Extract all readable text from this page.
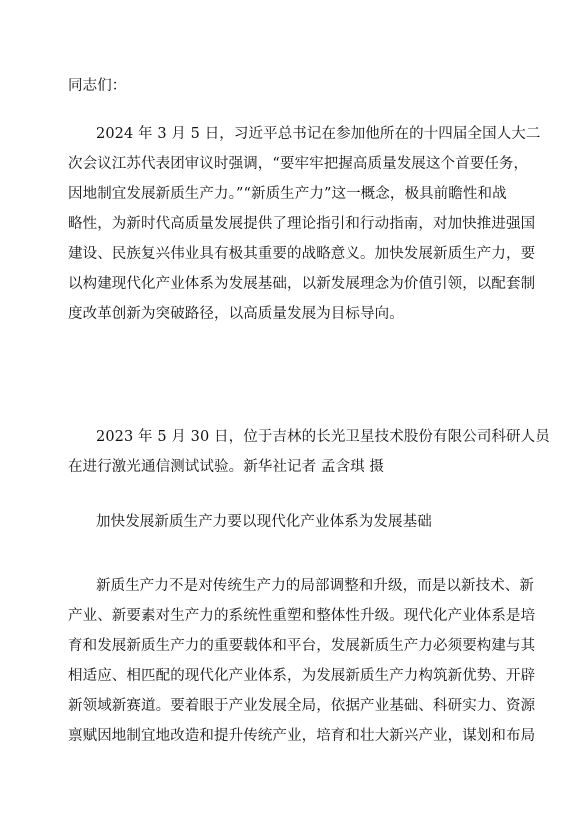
同志们：
2024 年 3 月 5 日，习近平总书记在参加他所在的十四届全国人大二
次会议江苏代表团审议时强调，“要牢牢把握高质量发展这个首要任务，
因地制宜发展新质生产力。”“新质生产力”这一概念，极具前瞻性和战
略性，为新时代高质量发展提供了理论指引和行动指南，对加快推进强国
建设、民族复兴伟业具有极其重要的战略意义。加快发展新质生产力，要
以构建现代化产业体系为发展基础，以新发展理念为价值引领，以配套制
度改革创新为突破路径，以高质量发展为目标导向。
2023 年 5 月 30 日，位于吉林的长光卫星技术股份有限公司科研人员
在进行激光通信测试试验。新华社记者 孟含琪 摄
加快发展新质生产力要以现代化产业体系为发展基础
新质生产力不是对传统生产力的局部调整和升级，而是以新技术、新
产业、新要素对生产力的系统性重塑和整体性升级。现代化产业体系是培
育和发展新质生产力的重要载体和平台，发展新质生产力必须要构建与其
相适应、相匹配的现代化产业体系，为发展新质生产力构筑新优势、开辟
新领域新赛道。要着眼于产业发展全局，依据产业基础、科研实力、资源
禀赋因地制宜地改造和提升传统产业，培育和壮大新兴产业，谋划和布局
